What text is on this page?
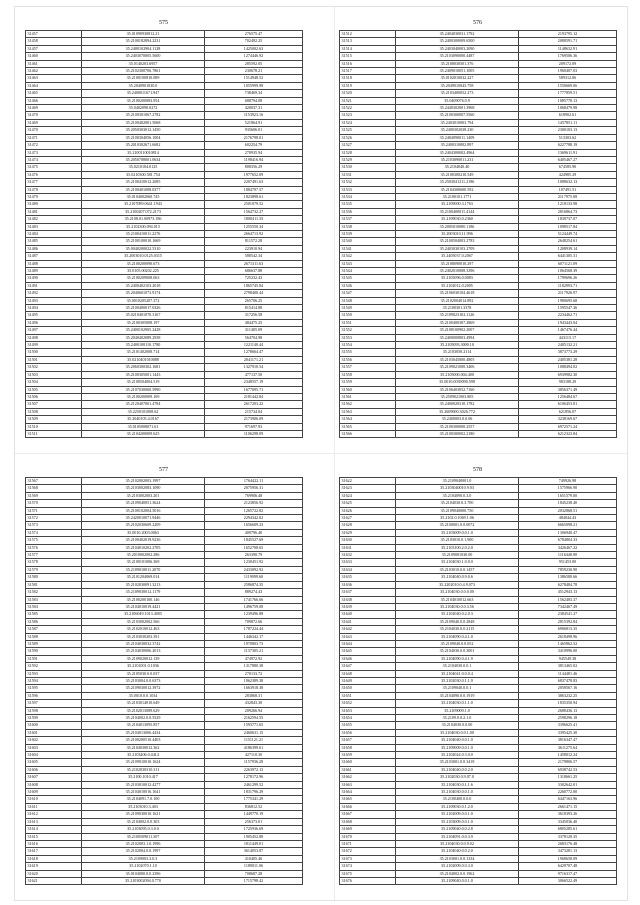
575
31457	35.01090930812.21	276575.47
31458	35.2100182894.2231	702492.25
31457	35.2400102904.1128	1425002.63
31460	35.2403070005.5600	1274446.92
31461	35.0140203.6957	285592.05
31462	35.2102300706.7861	230678.21
31463	35.2100100810.089	1514948.52
31464	35.2040901030.0	1055999.98
31465	35.2400011671.947	738469.34
31466	35.2100200083.954	688794.08
31469	35.0402090.0272	420037.31
31470	35.2100301067.2782	1153923.16
31469	35.2100402001.5068	521864.91
31470	35.2050303012.1450	935606.01
31471	35.2100304056.1004	2176798.01
31472	35.2010302671.6682	602254.79
31473	35.2100110010814	270935.94
31474	35.2050708001.0634	1198416.94
31475	35.0210104.0125	808356.29
31476	35.0210300.581.754	1977652.09
31477	35.2100410012.2085	2207491.63
31478	35.2100401008.0377	1884797.57
31479	35.0104002060.745	1823898.61
31480	35.2107089.0641.1943	2501079.52
31481	35.2100207.072.2173	1564732.27
31482	35.2108.01.00973.186	1800411.35
31483	35.2102300.094.015	1255550.34
31484	35.2100410011.2276	2664713.92
31485	35.2100100010.1669	811572.28
31486	35.0040200022.5310	223910.94
31487	35.2003010.0125.0315	588542.34
31488	35.2100200090.673	2671311.63
31489	35.0105.00202.225	686637.88
31490	35.2100209008.063	725232.43
31491	35.2400402103.2018	1865745.84
31492	35.2040601073.9174	2798400.44
31493	35.0010205207.372	265706.25
31494	35.2100400017.0326	815414.88
31495	35.0210401070.3167	317256.58
31496	35.2100305008.197	484475.25
31497	35.2400102905.2428	311405.09
31498	35.2040402089.2938	564704.98
31499	35.2400100110.1780	1221140.44
31500	35.2101402008.714	1278664.47
31501	35.0210401010088	2041171.21
31502	35.2060300302.1681	1327910.54
31503	35.2100305001.1443	477137.50
31504	35.2100504004.519	2348557.19
31505	35.2107030000.5990	1677095.71
31506	35.2100200009.169	2181442.84
31507	35.2120407001.4784	2617203.22
31508	35.2250101008.62	215734.04
31509	35.2040105.4.0167	2173906.09
31510	35.0105008071.61	971697.93
31511	35.2104200009.625	1106298.09
576
31512	35.2404030031.1792	2193795.12
31513	35.2400300009.6500	2080591.71
31514	35.2403040003.2090	1148632.91
31515	35.2103090000.4487	1769506.36
31516	35.2108030501.376	209172.09
31517	35.2409010051.1005	1960407.03
31518	35.0102010032.227	589312.06
31519	35.2049010043.758	1550669.06
31520	35.2103400052.273	1777859.51
31521	35.0409076.0.9	1085778.13
31522	35.2440302001.3968	1068479.98
31523	35.2100300007.5560	618902.61
31524	35.2403010003.794	1457851.11
31525	35.2400302038.230	2300103.13
31526	35.2404090011.1409	513303.62
31527	35.2400310002.897	6227788.19
31528	35.2404300002.4964	1369611.91
31529	35.2103090011.231	6405467.27
31530	35.2104040.40	674585.90
31531	35.2100300210.549	424985.29
31532	35.2503041211.2186	1088632.13
31533	35.2104300600.592	107491.51
31534	35.2100101.1771	2117975.08
31535	35.2109000.3.1763	1218133.98
31536	35.2100400011.4144	2816864.73
31537	35.2109030.0.2360	1839737.07
31538	35.2005010080.1186	1098517.84
31539	35.2003010.11.996	5124449.74
31540	35.2100504003.2783	2648254.61
31541	35.2403030103.2709	1208939.14
31542	35.2405037.0.2067	6441305.31
31543	35.2108090010.297	6071121.09
31544	35.2402010008.3396	1064568.39
31545	35.2105096.0.0083	1799696.26
31546	35.2102012.0.2005	1182993.71
31547	35.2106030104.4618	2117926.97
31548	35.2102004014.892	1980695.68
31549	35.2100301.3378	1595547.36
31550	35.2109023102.1126	2234462.71
31551	35.2100400307.2869	1943443.04
31552	35.2108100902.2007	1467476.44
31553	35.2400000803.4994	443115.17
31554	35.2105093.3000.10	2405132.21
31555	35.2103050.2114	3873773.29
31556	35.2103045000.4805	2405381.28
31557	35.2109021000.3406	1088494.02
31558	35.2105000.004.400	6939982.30
31559	35.0010.0039090.598	983188.29
31560	35.2106403052.7160	3856371.49
31561	35.2509021003.805	1256484.67
31562	35.2400020310.1782	6106453.81
31563	35.2609000.3026.772	621856.07
31564	35.2400003.0.0.06	3238169.67
31565	35.2100300000.2557	6972571.24
31566	35.2100300002.2180	6212323.84
577
31567	35.2102002003.1997	1764422.11
31568	35.2103002083.1090	2075956.31
31569	35.2103002003.201	769906.48
31570	35.2109040051.3624	2123856.92
31571	35.2100102004.5016	1265722.82
31572	35.2420010071.9446	2294342.02
31573	35.2102030609.2209	1656609.23
31574	35.0010.2003.0063	409796.40
31575	35.2100402019.9236	1845527.69
31576	35.2104010202.2705	1652708.65
31577	35.2010002002.286	263390.79
31578	35.2100101006.369	1230451.92
31579	35.2109010011.2070	2433092.92
31580	35.2101204069.014	1119099.60
31581	35.2102030091.3213	2586874.35
31582	35.2109030012.1179	889274.43
31583	35.2100200100.146	1741766.66
31584	35.2104010019.4421	1496759.08
31585	35.2106049.1013.4005	1239496.88
31586	35.2103002002.566	709872.66
31587	35.2102010012.463	1787224.44
31588	35.2103030203.391	1446342.17
31589	35.2104030032.3742	1970803.73
31590	35.2104030006.2013	1137305.21
31591	35.2109020012.139	474972.92
31592	35.2101001.0.1036	1317880.38
31593	35.2105030.0.0.037	270133.72
31594	35.2103004.0.0.6373	1062389.38
31595	35.2109030012.3972	1663918.38
31596	35.0010.0.0.1034	283868.31
31597	35.2103014010.649	432843.30
31598	35.2102013089.629	209266.94
31599	35.2104002.0.0.5529	2162594.55
31600	35.2104013095.857	1593771.65
31601	35.2104013006.4434	2460631.15
31602	35.2100200510.4403	1151121.21
31603	35.2104030012.362	4186399.61
31604	35.2103406.0.4414	427110.30
31605	35.2109010010.1624	1157936.28
31606	35.2102030310.311	2263972.13
31607	35.2100.1010.417	1278172.96
31608	35.2103010012.4277	2461299.52
31609	35.2104010016.1641	1831796.29
31610	35.2104091.7.0.100	1775341.29
31611	35.2103010.3.403	836812.52
31612	35.2109030010.1621	1449770.19
31613	35.2104002.0.0.303	256373.01
31614	35.2103095.0.3.0.0	1725936.69
31615	35.2100509011.307	1905452.88
31616	35.2102003.1.0.1996	1811449.01
31617	35.2102004.0.0.1997	3614053.87
31618	35.2109003.3.0.3	410405.46
31619	35.2102070.1.10	1189011.06
31620	35.0104000.0.0.2396	708687.28
31621	35.2103002094.0.770	1715798.42
578
31622	35.2109040001.0	749926.98
31623	35.2103040010.9.03	1575966.90
31624	35.2104090.0.3.0	1651579.00
31625	35.2104030.0.3.700	1845238.40
31626	35.2109040000.750	2032868.51
31627	35.2102.0.1069.1.06	484044.43
31628	35.2100001.0.0.0072	6665098.21
31629	35.2103009.0.0.1.0	1306940.47
31630	35.2103010.0.1.900	6784804.33
31631	35.2103100.2.0.2.0	3426467.22
31632	35.2109001030.00	1116440.90
31633	35.2104030.1.0.0.0	951453.00
31634	35.2103010.0.0.1457	7859230.90
31635	35.2104040.0.9.0.6	1386580.66
31636	35.2202010.0.4.9.073	6278484.78
31637	35.2104030.0.0.0.00	4512943.13
31638	35.2104010012.663	1562483.37
31639	35.2104030.0.0.3.56	7342467.49
31640	35.2102040.0.2.0.3	2384541.27
31641	35.2109040.0.0.2848	2815392.84
31642	35.2104030.0.0.2115	6906813.35
31643	35.2104090.0.4.1.0	2618498.96
31644	35.2109040.0.0.052	1465862.52
31645	35.2104030.0.0.3001	3410996.00
31646	35.2104090.0.4.1.9	945549.38
31647	35.2104030.0.0.1	3813465.02
31648	35.2104041.0.0.0.4	1144481.46
31649	35.2102030.0.1.1.9	6837478.83
31650	35.2109040.0.0.1	2058567.16
31651	35.2104090.0.0.1919	3863232.25
31652	35.2104030.0.1.1.0	1835350.94
31653	35.2109009.1.0	2688436.13
31654	35.2109.0.0.2.1.0	2598296.18
31655	35.2104030.0.0.00	3396625.41
31656	35.2104030.0.0.1.00	3395425.30
31657	35.2104040.0.0.1.0	3816347.47
31658	35.2109009.0.0.1.0	3611275.64
31659	35.2102024.0.3.0.0	1458012.24
31660	35.2103001.0.0.3418	2179806.57
31661	35.2104040.0.0.2.0	6938742.53
31662	35.2102030.0.9.07.0	1318661.25
31663	35.2104030.0.1.1.6	3302642.01
31664	35.2104030.0.0.1.0	2260772.00
31665	35.2100400.0.0.0	6447163.96
31666	35.2109030.0.1.2.0	2661471.15
31667	35.2102009.0.0.1.0	3618393.26
31668	35.2103009.0.0.1.0	3345036.40
31669	35.2109040.0.0.2.8	6805285.61
31670	35.2104091.0.0.3.9	3378120.35
31671	35.2104030.0.0.9.02	2683176.48
31672	35.2104040.0.0.2.0	3473281.13
31673	35.2103001.0.0.1334	1968658.09
31674	35.2102009.0.0.3.0	6429707.48
31675	35.2104002.0.0.1962	9716317.47
31676	35.2109040.0.0.1.0	3066522.49
